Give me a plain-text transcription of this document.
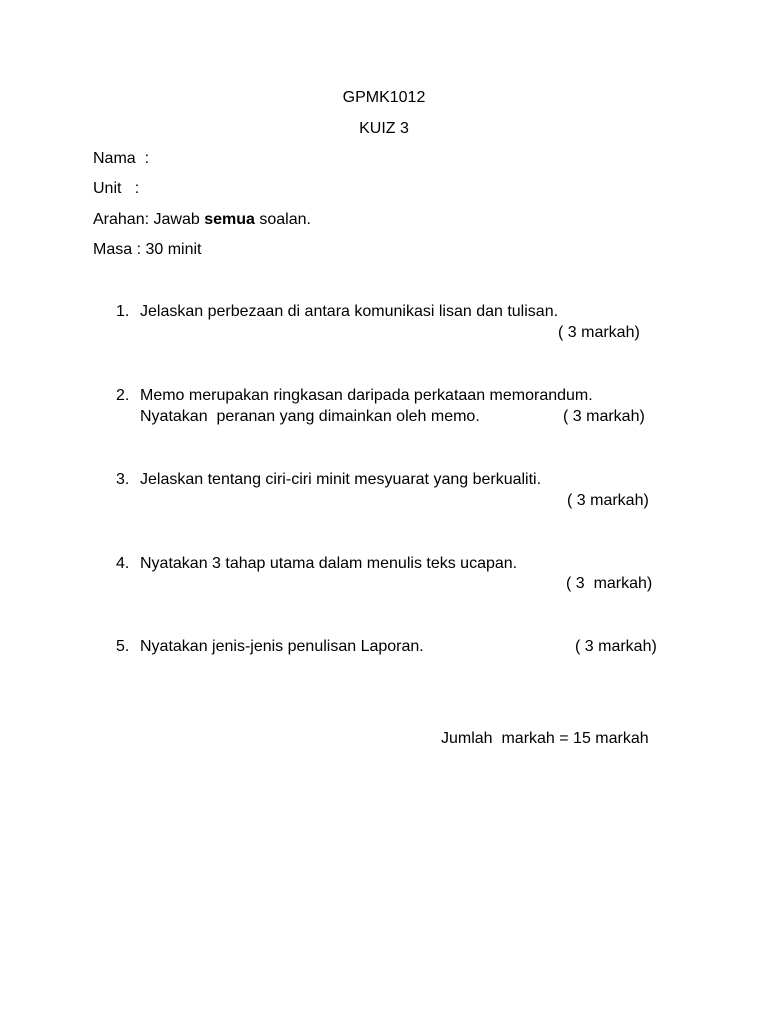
GPMK1012
KUIZ 3
Nama  :
Unit   :
Arahan: Jawab semua soalan.
Masa : 30 minit
1. Jelaskan perbezaan di antara komunikasi lisan dan tulisan.
( 3 markah)
2. Memo merupakan ringkasan daripada perkataan memorandum.
Nyatakan  peranan yang dimainkan oleh memo.	( 3 markah)
3. Jelaskan tentang ciri-ciri minit mesyuarat yang berkualiti.
( 3 markah)
4. Nyatakan 3 tahap utama dalam menulis teks ucapan.
( 3  markah)
5. Nyatakan jenis-jenis penulisan Laporan.	( 3 markah)
Jumlah  markah = 15 markah
